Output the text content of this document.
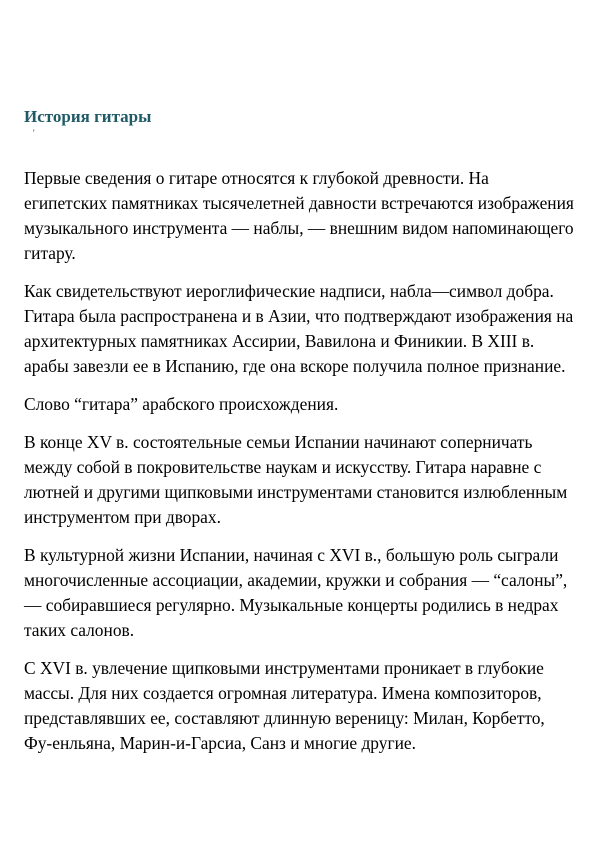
История гитары
'

Первые сведения о гитаре относятся к глубокой древности. На египетских памятниках тысячелетней давности встречаются изображения музыкального инструмента — наблы, — внешним видом напоминающего гитару.

Как свидетельствуют иероглифические надписи, набла—символ добра. Гитара была распространена и в Азии, что подтверждают изображения на архитектурных памятниках Ассирии, Вавилона и Финикии. В XIII в. арабы завезли ее в Испанию, где она вскоре получила полное признание.

Слово “гитара” арабского происхождения.

В конце XV в. состоятельные семьи Испании начинают соперничать между собой в покровительстве наукам и искусству. Гитара наравне с лютней и другими щипковыми инструментами становится излюбленным инструментом при дворах.

В культурной жизни Испании, начиная с XVI в., большую роль сыграли многочисленные ассоциации, академии, кружки и собрания — “салоны”, — собиравшиеся регулярно. Музыкальные концерты родились в недрах таких салонов.

С XVI в. увлечение щипковыми инструментами проникает в глубокие массы. Для них создается огромная литература. Имена композиторов, представлявших ее, составляют длинную вереницу: Милан, Корбетто, Фу-енльяна, Марин-и-Гарсиа, Санз и многие другие.
